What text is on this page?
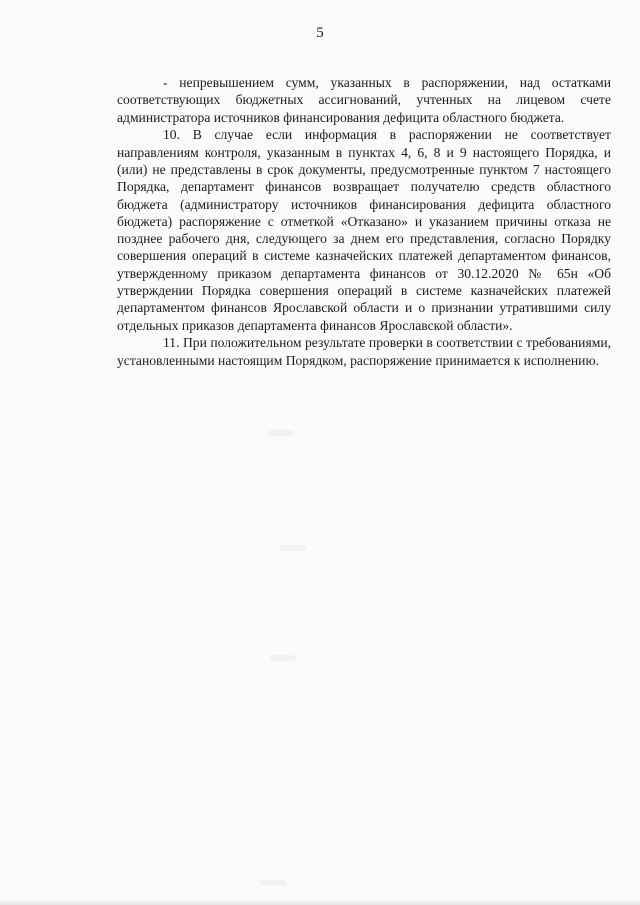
5

- непревышением сумм, указанных в распоряжении, над остатками соответствующих бюджетных ассигнований, учтенных на лицевом счете администратора источников финансирования дефицита областного бюджета.

10. В случае если информация в распоряжении не соответствует направлениям контроля, указанным в пунктах 4, 6, 8 и 9 настоящего Порядка, и (или) не представлены в срок документы, предусмотренные пунктом 7 настоящего Порядка, департамент финансов возвращает получателю средств областного бюджета (администратору источников финансирования дефицита областного бюджета) распоряжение с отметкой «Отказано» и указанием причины отказа не позднее рабочего дня, следующего за днем его представления, согласно Порядку совершения операций в системе казначейских платежей департаментом финансов, утвержденному приказом департамента финансов от 30.12.2020 № 65н «Об утверждении Порядка совершения операций в системе казначейских платежей департаментом финансов Ярославской области и о признании утратившими силу отдельных приказов департамента финансов Ярославской области».

11. При положительном результате проверки в соответствии с требованиями, установленными настоящим Порядком, распоряжение принимается к исполнению.
